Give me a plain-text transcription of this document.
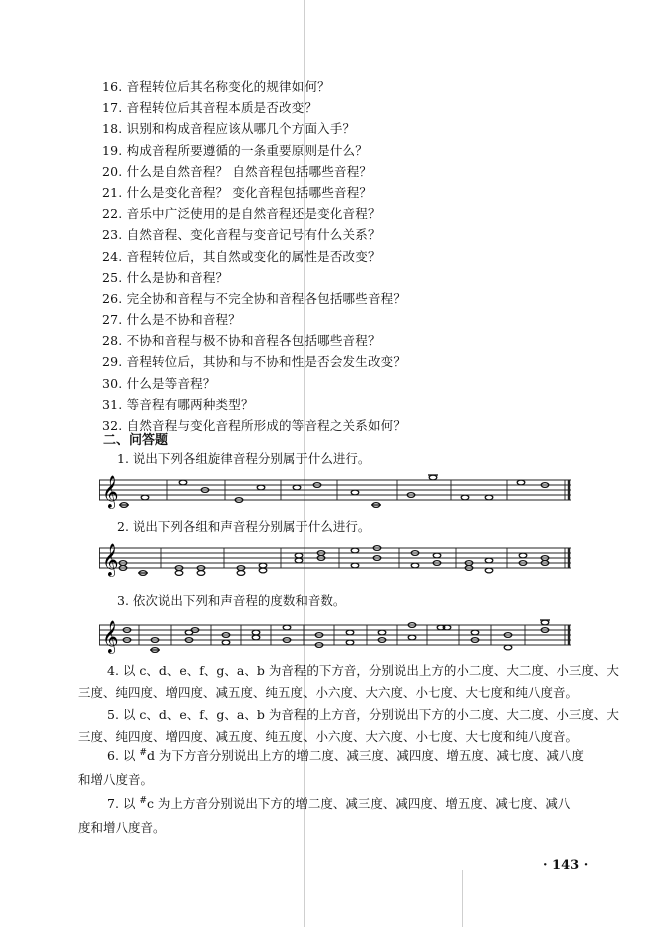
16. 音程转位后其名称变化的规律如何？
17. 音程转位后其音程本质是否改变？
18. 识别和构成音程应该从哪几个方面入手？
19. 构成音程所要遵循的一条重要原则是什么？
20. 什么是自然音程？ 自然音程包括哪些音程？
21. 什么是变化音程？ 变化音程包括哪些音程？
22. 音乐中广泛使用的是自然音程还是变化音程？
23. 自然音程、变化音程与变音记号有什么关系？
24. 音程转位后，其自然或变化的属性是否改变？
25. 什么是协和音程？
26. 完全协和音程与不完全协和音程各包括哪些音程？
27. 什么是不协和音程？
28. 不协和音程与极不协和音程各包括哪些音程？
29. 音程转位后，其协和与不协和性是否会发生改变？
30. 什么是等音程？
31. 等音程有哪两种类型？
32. 自然音程与变化音程所形成的等音程之关系如何？
二、问答题
1. 说出下列各组旋律音程分别属于什么进行。
𝄞
2. 说出下列各组和声音程分别属于什么进行。
𝄞
3. 依次说出下列和声音程的度数和音数。
𝄞
4. 以 c、d、e、f、g、a、b 为音程的下方音，分别说出上方的小二度、大二度、小三度、大
三度、纯四度、增四度、减五度、纯五度、小六度、大六度、小七度、大七度和纯八度音。
5. 以 c、d、e、f、g、a、b 为音程的上方音，分别说出下方的小二度、大二度、小三度、大
三度、纯四度、增四度、减五度、纯五度、小六度、大六度、小七度、大七度和纯八度音。
6. 以 #d 为下方音分别说出上方的增二度、减三度、减四度、增五度、减七度、减八度
和增八度音。
7. 以 #c 为上方音分别说出下方的增二度、减三度、减四度、增五度、减七度、减八
度和增八度音。
· 143 ·
